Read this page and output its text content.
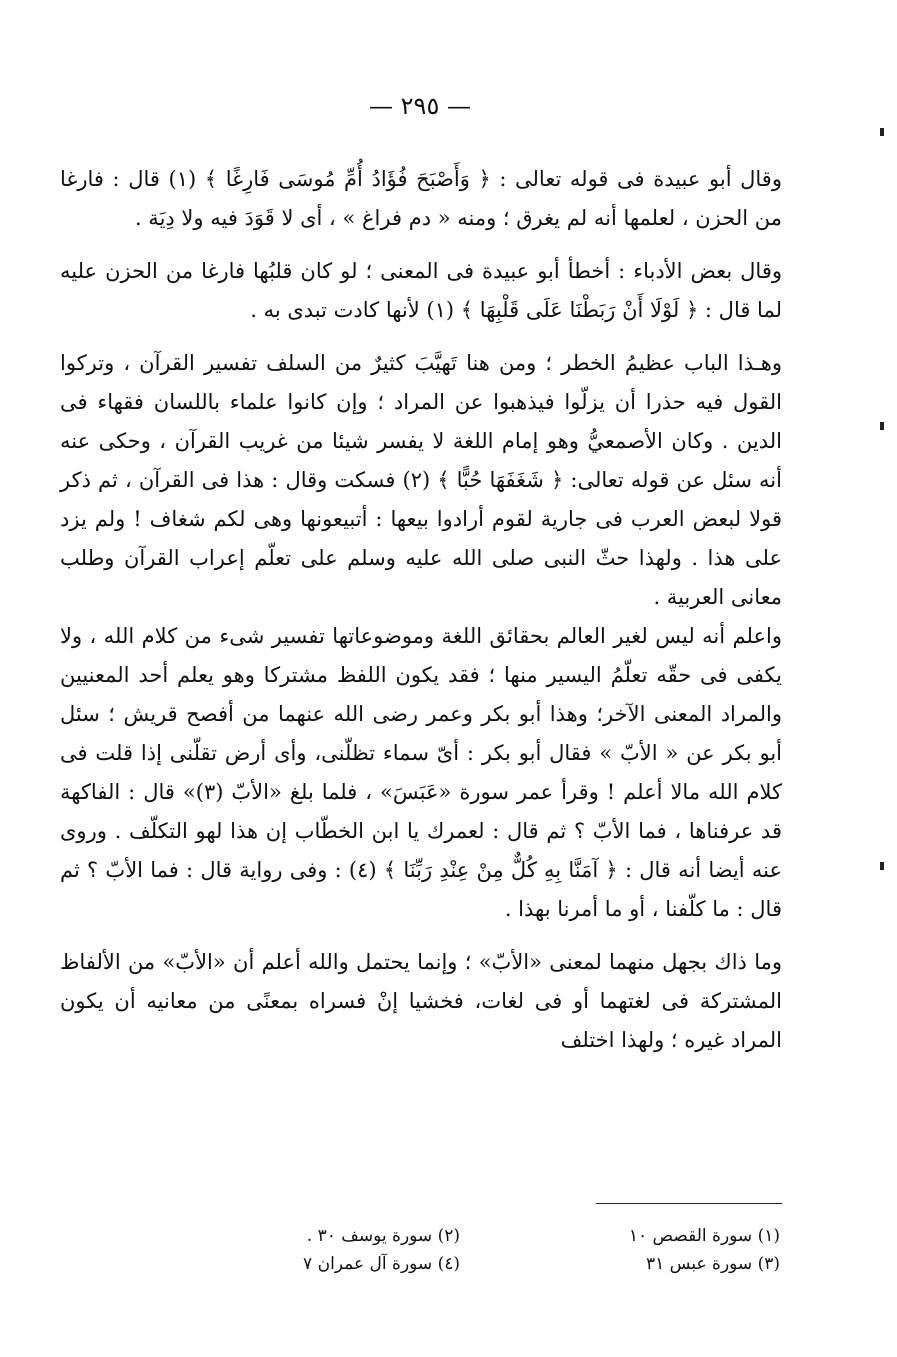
— ٢٩٥ —

وقال أبو عبيدة فى قوله تعالى : ﴿ وَأَصْبَحَ فُؤَادُ أُمِّ مُوسَى فَارِغًا ﴾ (١) قال : فارغا من الحزن ، لعلمها أنه لم يغرق ؛ ومنه « دم فراغ » ، أى لا قَوَدَ فيه ولا دِيَة .

وقال بعض الأدباء : أخطأ أبو عبيدة فى المعنى ؛ لو كان قلبُها فارغا من الحزن عليه لما قال : ﴿ لَوْلَا أَنْ رَبَطْنَا عَلَى قَلْبِهَا ﴾ (١) لأنها كادت تبدى به .

وهـذا الباب عظيمُ الخطر ؛ ومن هنا تَهيَّبَ كثيرٌ من السلف تفسير القرآن ، وتركوا القول فيه حذرا أن يزلّوا فيذهبوا عن المراد ؛ وإن كانوا علماء باللسان فقهاء فى الدين . وكان الأصمعيُّ وهو إمام اللغة لا يفسر شيئا من غريب القرآن ، وحكى عنه أنه سئل عن قوله تعالى: ﴿ شَغَفَهَا حُبًّا ﴾ (٢) فسكت وقال : هذا فى القرآن ، ثم ذكر قولا لبعض العرب فى جارية لقوم أرادوا بيعها : أتبيعونها وهى لكم شغاف ! ولم يزد على هذا . ولهذا حثّ النبى صلى الله عليه وسلم على تعلّم إعراب القرآن وطلب معانى العربية .

واعلم أنه ليس لغير العالم بحقائق اللغة وموضوعاتها تفسير شىء من كلام الله ، ولا يكفى فى حقّه تعلّمُ اليسير منها ؛ فقد يكون اللفظ مشتركا وهو يعلم أحد المعنيين والمراد المعنى الآخر؛ وهذا أبو بكر وعمر رضى الله عنهما من أفصح قريش ؛ سئل أبو بكر عن « الأبّ » فقال أبو بكر : أىّ سماء تظلّنى، وأى أرض تقلّنى إذا قلت فى كلام الله مالا أعلم ! وقرأ عمر سورة «عَبَسَ» ، فلما بلغ «الأبّ (٣)» قال : الفاكهة قد عرفناها ، فما الأبّ ؟ ثم قال : لعمرك يا ابن الخطّاب إن هذا لهو التكلّف . وروى عنه أيضا أنه قال : ﴿ آمَنَّا بِهِ كُلٌّ مِنْ عِنْدِ رَبِّنَا ﴾ (٤) : وفى رواية قال : فما الأبّ ؟ ثم قال : ما كلّفنا ، أو ما أمرنا بهذا .

وما ذاك بجهل منهما لمعنى «الأبّ» ؛ وإنما يحتمل والله أعلم أن «الأبّ» من الألفاظ المشتركة فى لغتهما أو فى لغات، فخشيا إنْ فسراه بمعنًى من معانيه أن يكون المراد غيره ؛ ولهذا اختلف

(١) سورة القصص ١٠
(٢) سورة يوسف ٣٠ .
(٣) سورة عبس ٣١
(٤) سورة آل عمران ٧
